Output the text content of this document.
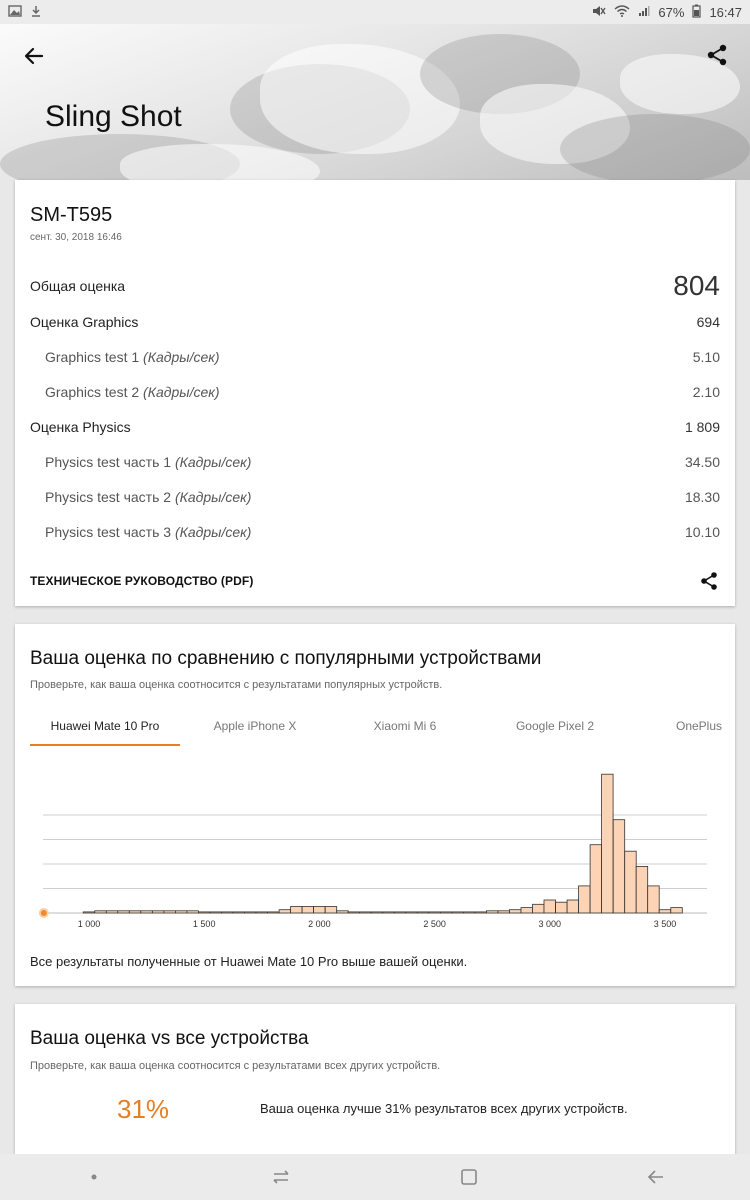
67% 16:47
Sling Shot
SM-T595
сент. 30, 2018 16:46
Общая оценка	804
Оценка Graphics	694
Graphics test 1 (Кадры/сек)	5.10
Graphics test 2 (Кадры/сек)	2.10
Оценка Physics	1 809
Physics test часть 1 (Кадры/сек)	34.50
Physics test часть 2 (Кадры/сек)	18.30
Physics test часть 3 (Кадры/сек)	10.10
ТЕХНИЧЕСКОЕ РУКОВОДСТВО (PDF)
Ваша оценка по сравнению с популярными устройствами
Проверьте, как ваша оценка соотносится с результатами популярных устройств.
Huawei Mate 10 Pro	Apple iPhone X	Xiaomi Mi 6	Google Pixel 2	OnePlus
1 000	1 500	2 000	2 500	3 000	3 500
Все результаты полученные от Huawei Mate 10 Pro выше вашей оценки.
Ваша оценка vs все устройства
Проверьте, как ваша оценка соотносится с результатами всех других устройств.
31%	Ваша оценка лучше 31% результатов всех других устройств.
